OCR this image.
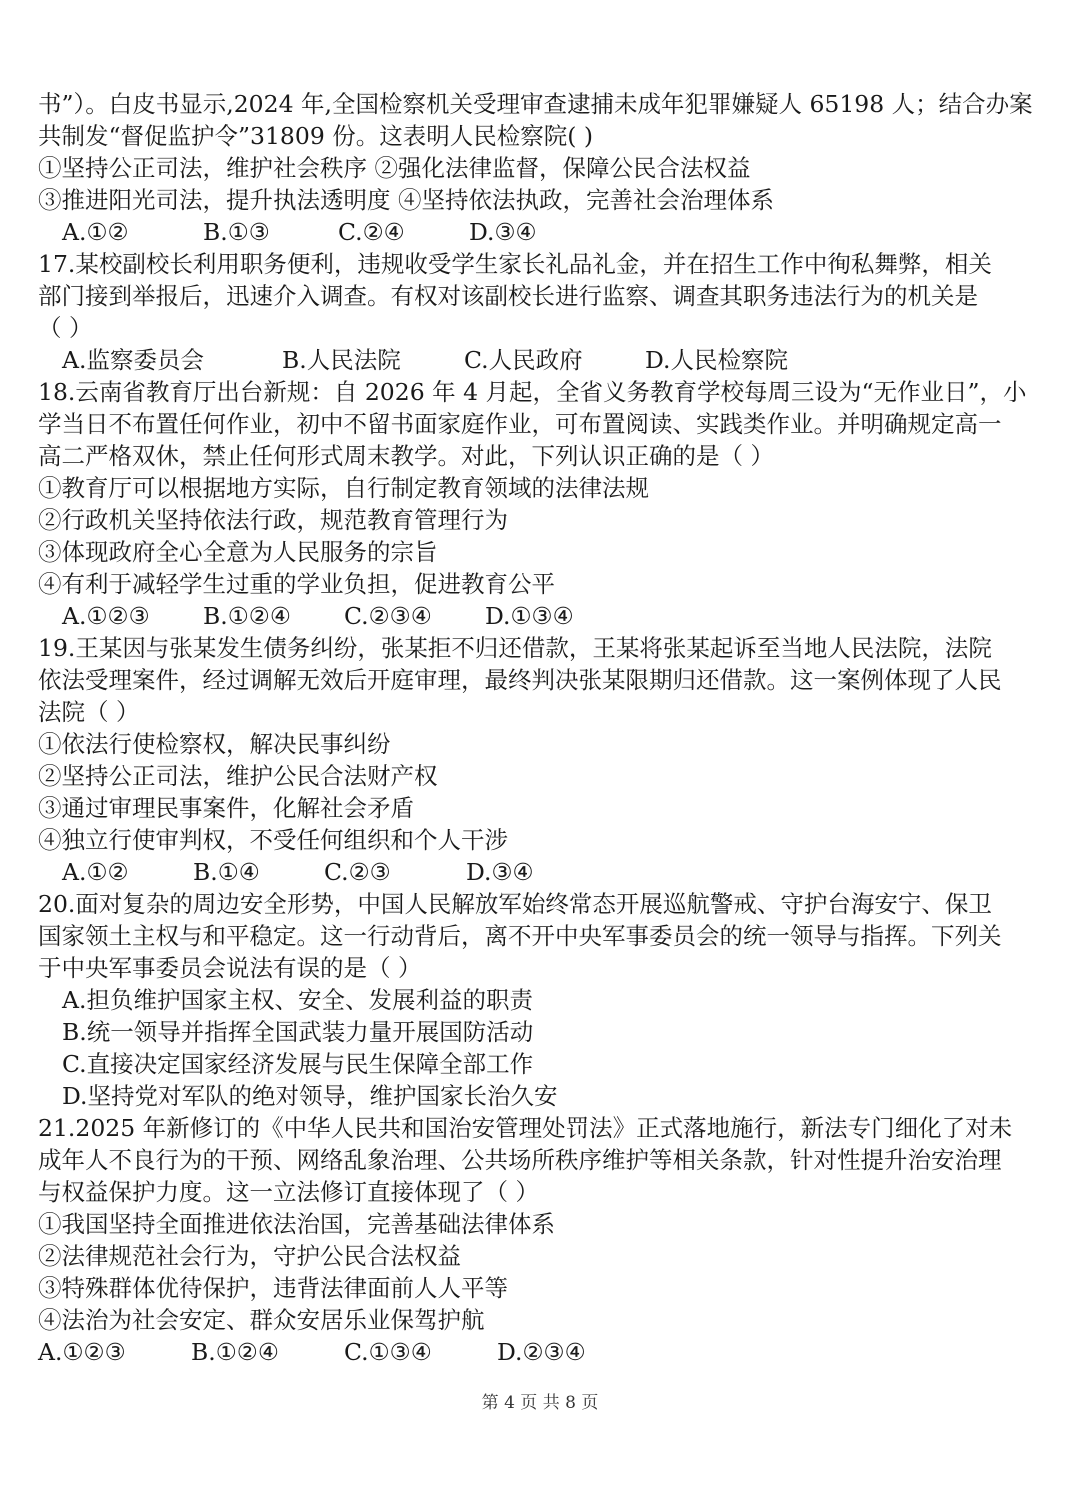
书”）。白皮书显示,2024 年,全国检察机关受理审查逮捕未成年犯罪嫌疑人 65198 人；结合办案
共制发“督促监护令”31809 份。这表明人民检察院( )
①坚持公正司法，维护社会秩序 ②强化法律监督，保障公民合法权益
③推进阳光司法，提升执法透明度 ④坚持依法执政，完善社会治理体系
A.①②	B.①③	C.②④	D.③④
17.某校副校长利用职务便利，违规收受学生家长礼品礼金，并在招生工作中徇私舞弊，相关
部门接到举报后，迅速介入调查。有权对该副校长进行监察、调查其职务违法行为的机关是
（ ）
A.监察委员会	B.人民法院	C.人民政府	D.人民检察院
18.云南省教育厅出台新规：自 2026 年 4 月起，全省义务教育学校每周三设为“无作业日”，小
学当日不布置任何作业，初中不留书面家庭作业，可布置阅读、实践类作业。并明确规定高一
高二严格双休，禁止任何形式周末教学。对此，下列认识正确的是（ ）
①教育厅可以根据地方实际，自行制定教育领域的法律法规
②行政机关坚持依法行政，规范教育管理行为
③体现政府全心全意为人民服务的宗旨
④有利于减轻学生过重的学业负担，促进教育公平
A.①②③	B.①②④	C.②③④	D.①③④
19.王某因与张某发生债务纠纷，张某拒不归还借款，王某将张某起诉至当地人民法院，法院
依法受理案件，经过调解无效后开庭审理，最终判决张某限期归还借款。这一案例体现了人民
法院（ ）
①依法行使检察权，解决民事纠纷
②坚持公正司法，维护公民合法财产权
③通过审理民事案件，化解社会矛盾
④独立行使审判权，不受任何组织和个人干涉
A.①②	B.①④	C.②③	D.③④
20.面对复杂的周边安全形势，中国人民解放军始终常态开展巡航警戒、守护台海安宁、保卫
国家领土主权与和平稳定。这一行动背后，离不开中央军事委员会的统一领导与指挥。下列关
于中央军事委员会说法有误的是（ ）
A.担负维护国家主权、安全、发展利益的职责
B.统一领导并指挥全国武装力量开展国防活动
C.直接决定国家经济发展与民生保障全部工作
D.坚持党对军队的绝对领导，维护国家长治久安
21.2025 年新修订的《中华人民共和国治安管理处罚法》正式落地施行，新法专门细化了对未
成年人不良行为的干预、网络乱象治理、公共场所秩序维护等相关条款，针对性提升治安治理
与权益保护力度。这一立法修订直接体现了（ ）
①我国坚持全面推进依法治国，完善基础法律体系
②法律规范社会行为，守护公民合法权益
③特殊群体优待保护，违背法律面前人人平等
④法治为社会安定、群众安居乐业保驾护航
A.①②③	B.①②④	C.①③④	D.②③④
第 4 页 共 8 页
